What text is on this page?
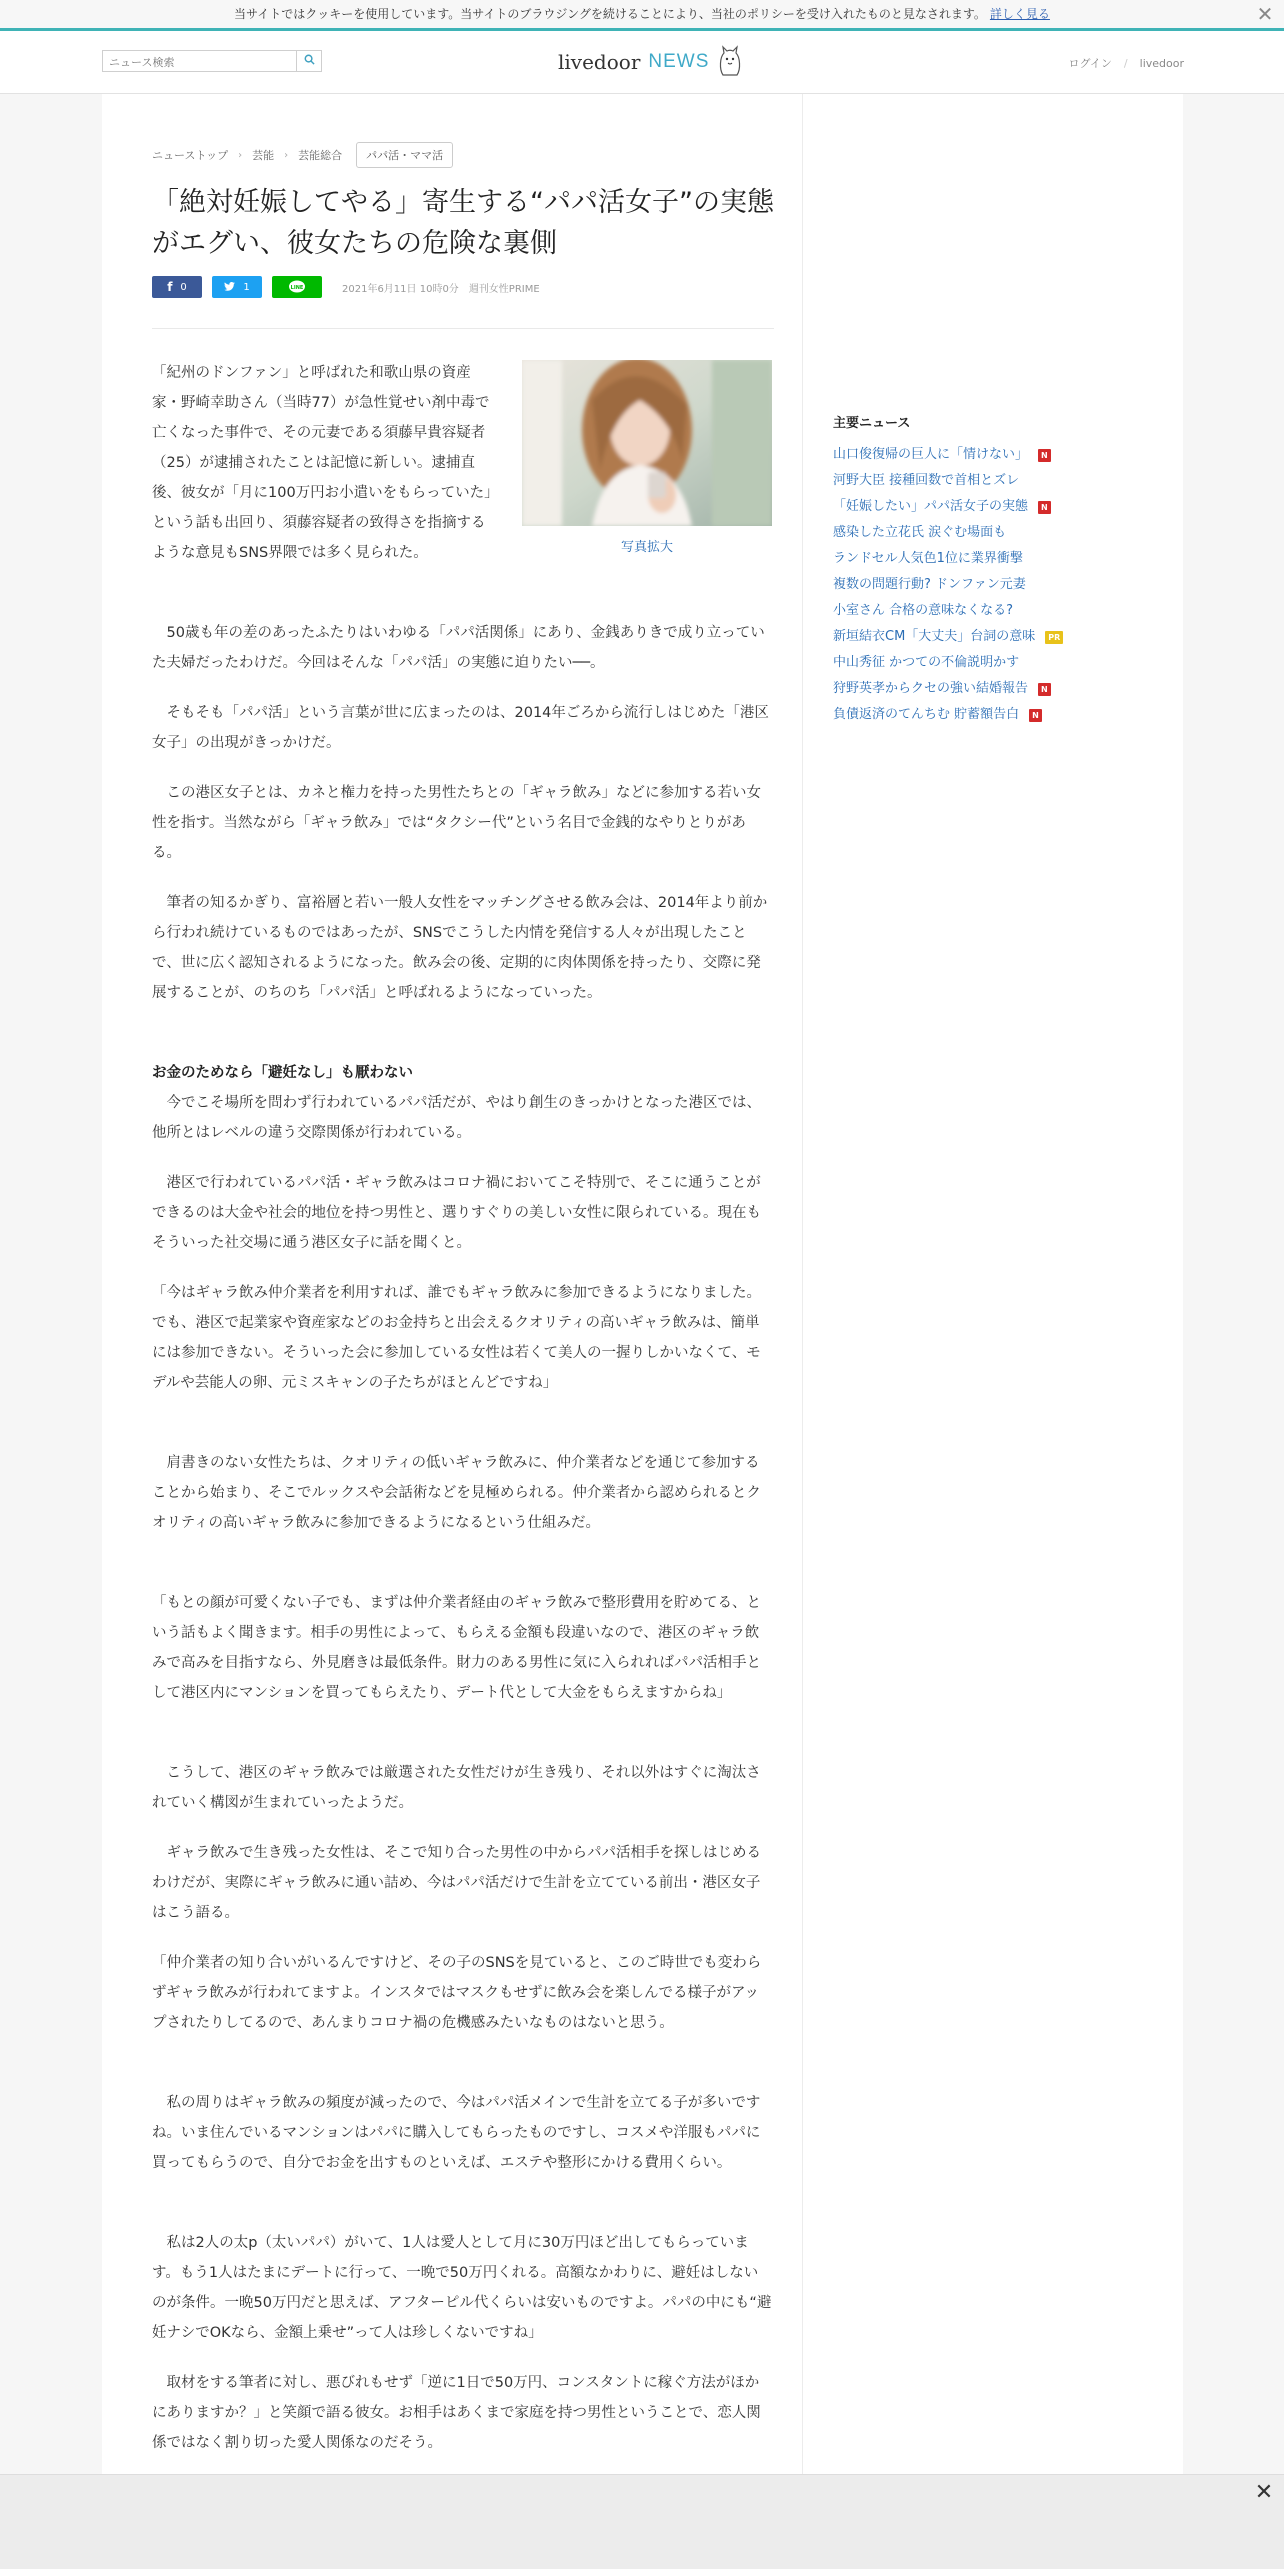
当サイトではクッキーを使用しています。当サイトのブラウジングを続けることにより、当社のポリシーを受け入れたものと見なされます。 詳しく見る	✕
ニュース検索
livedoor NEWS	ログイン / livedoor
ニューストップ › 芸能 › 芸能総合	パパ活・ママ活
「絶対妊娠してやる」寄生する“パパ活女子”の実態がエグい、彼女たちの危険な裏側
f 0	1	LINE	2021年6月11日 10時0分 週刊女性PRIME
写真拡大

「紀州のドンファン」と呼ばれた和歌山県の資産家・野崎幸助さん（当時77）が急性覚せい剤中毒で亡くなった事件で、その元妻である須藤早貴容疑者（25）が逮捕されたことは記憶に新しい。逮捕直後、彼女が「月に100万円お小遣いをもらっていた」という話も出回り、須藤容疑者の致得さを指摘するような意見もSNS界隈では多く見られた。

50歳も年の差のあったふたりはいわゆる「パパ活関係」にあり、金銭ありきで成り立っていた夫婦だったわけだ。今回はそんな「パパ活」の実態に迫りたい──。

そもそも「パパ活」という言葉が世に広まったのは、2014年ごろから流行しはじめた「港区女子」の出現がきっかけだ。

この港区女子とは、カネと権力を持った男性たちとの「ギャラ飲み」などに参加する若い女性を指す。当然ながら「ギャラ飲み」では“タクシー代”という名目で金銭的なやりとりがある。

筆者の知るかぎり、富裕層と若い一般人女性をマッチングさせる飲み会は、2014年より前から行われ続けているものではあったが、SNSでこうした内情を発信する人々が出現したことで、世に広く認知されるようになった。飲み会の後、定期的に肉体関係を持ったり、交際に発展することが、のちのち「パパ活」と呼ばれるようになっていった。

お金のためなら「避妊なし」も厭わない

今でこそ場所を問わず行われているパパ活だが、やはり創生のきっかけとなった港区では、他所とはレベルの違う交際関係が行われている。

港区で行われているパパ活・ギャラ飲みはコロナ禍においてこそ特別で、そこに通うことができるのは大金や社会的地位を持つ男性と、選りすぐりの美しい女性に限られている。現在もそういった社交場に通う港区女子に話を聞くと。

「今はギャラ飲み仲介業者を利用すれば、誰でもギャラ飲みに参加できるようになりました。でも、港区で起業家や資産家などのお金持ちと出会えるクオリティの高いギャラ飲みは、簡単には参加できない。そういった会に参加している女性は若くて美人の一握りしかいなくて、モデルや芸能人の卵、元ミスキャンの子たちがほとんどですね」

肩書きのない女性たちは、クオリティの低いギャラ飲みに、仲介業者などを通じて参加することから始まり、そこでルックスや会話術などを見極められる。仲介業者から認められるとクオリティの高いギャラ飲みに参加できるようになるという仕組みだ。

「もとの顔が可愛くない子でも、まずは仲介業者経由のギャラ飲みで整形費用を貯めてる、という話もよく聞きます。相手の男性によって、もらえる金額も段違いなので、港区のギャラ飲みで高みを目指すなら、外見磨きは最低条件。財力のある男性に気に入られればパパ活相手として港区内にマンションを買ってもらえたり、デート代として大金をもらえますからね」

こうして、港区のギャラ飲みでは厳選された女性だけが生き残り、それ以外はすぐに淘汰されていく構図が生まれていったようだ。

ギャラ飲みで生き残った女性は、そこで知り合った男性の中からパパ活相手を探しはじめるわけだが、実際にギャラ飲みに通い詰め、今はパパ活だけで生計を立てている前出・港区女子はこう語る。

「仲介業者の知り合いがいるんですけど、その子のSNSを見ていると、このご時世でも変わらずギャラ飲みが行われてますよ。インスタではマスクもせずに飲み会を楽しんでる様子がアップされたりしてるので、あんまりコロナ禍の危機感みたいなものはないと思う。

私の周りはギャラ飲みの頻度が減ったので、今はパパ活メインで生計を立てる子が多いですね。いま住んでいるマンションはパパに購入してもらったものですし、コスメや洋服もパパに買ってもらうので、自分でお金を出すものといえば、エステや整形にかける費用くらい。

私は2人の太p（太いパパ）がいて、1人は愛人として月に30万円ほど出してもらっています。もう1人はたまにデートに行って、一晩で50万円くれる。高額なかわりに、避妊はしないのが条件。一晩50万円だと思えば、アフターピル代くらいは安いものですよ。パパの中にも“避妊ナシでOKなら、金額上乗せ”って人は珍しくないですね」

取材をする筆者に対し、悪びれもせず「逆に1日で50万円、コンスタントに稼ぐ方法がほかにありますか？」と笑顔で語る彼女。お相手はあくまで家庭を持つ男性ということで、恋人関係ではなく割り切った愛人関係なのだそう。

主要ニュース
山口俊復帰の巨人に「情けない」	N
河野大臣 接種回数で首相とズレ
「妊娠したい」パパ活女子の実態	N
感染した立花氏 涙ぐむ場面も
ランドセル人気色1位に業界衝撃
複数の問題行動? ドンファン元妻
小室さん 合格の意味なくなる?
新垣結衣CM「大丈夫」台詞の意味	PR
中山秀征 かつての不倫説明かす
狩野英孝からクセの強い結婚報告	N
負債返済のてんちむ 貯蓄額告白	N
✕
